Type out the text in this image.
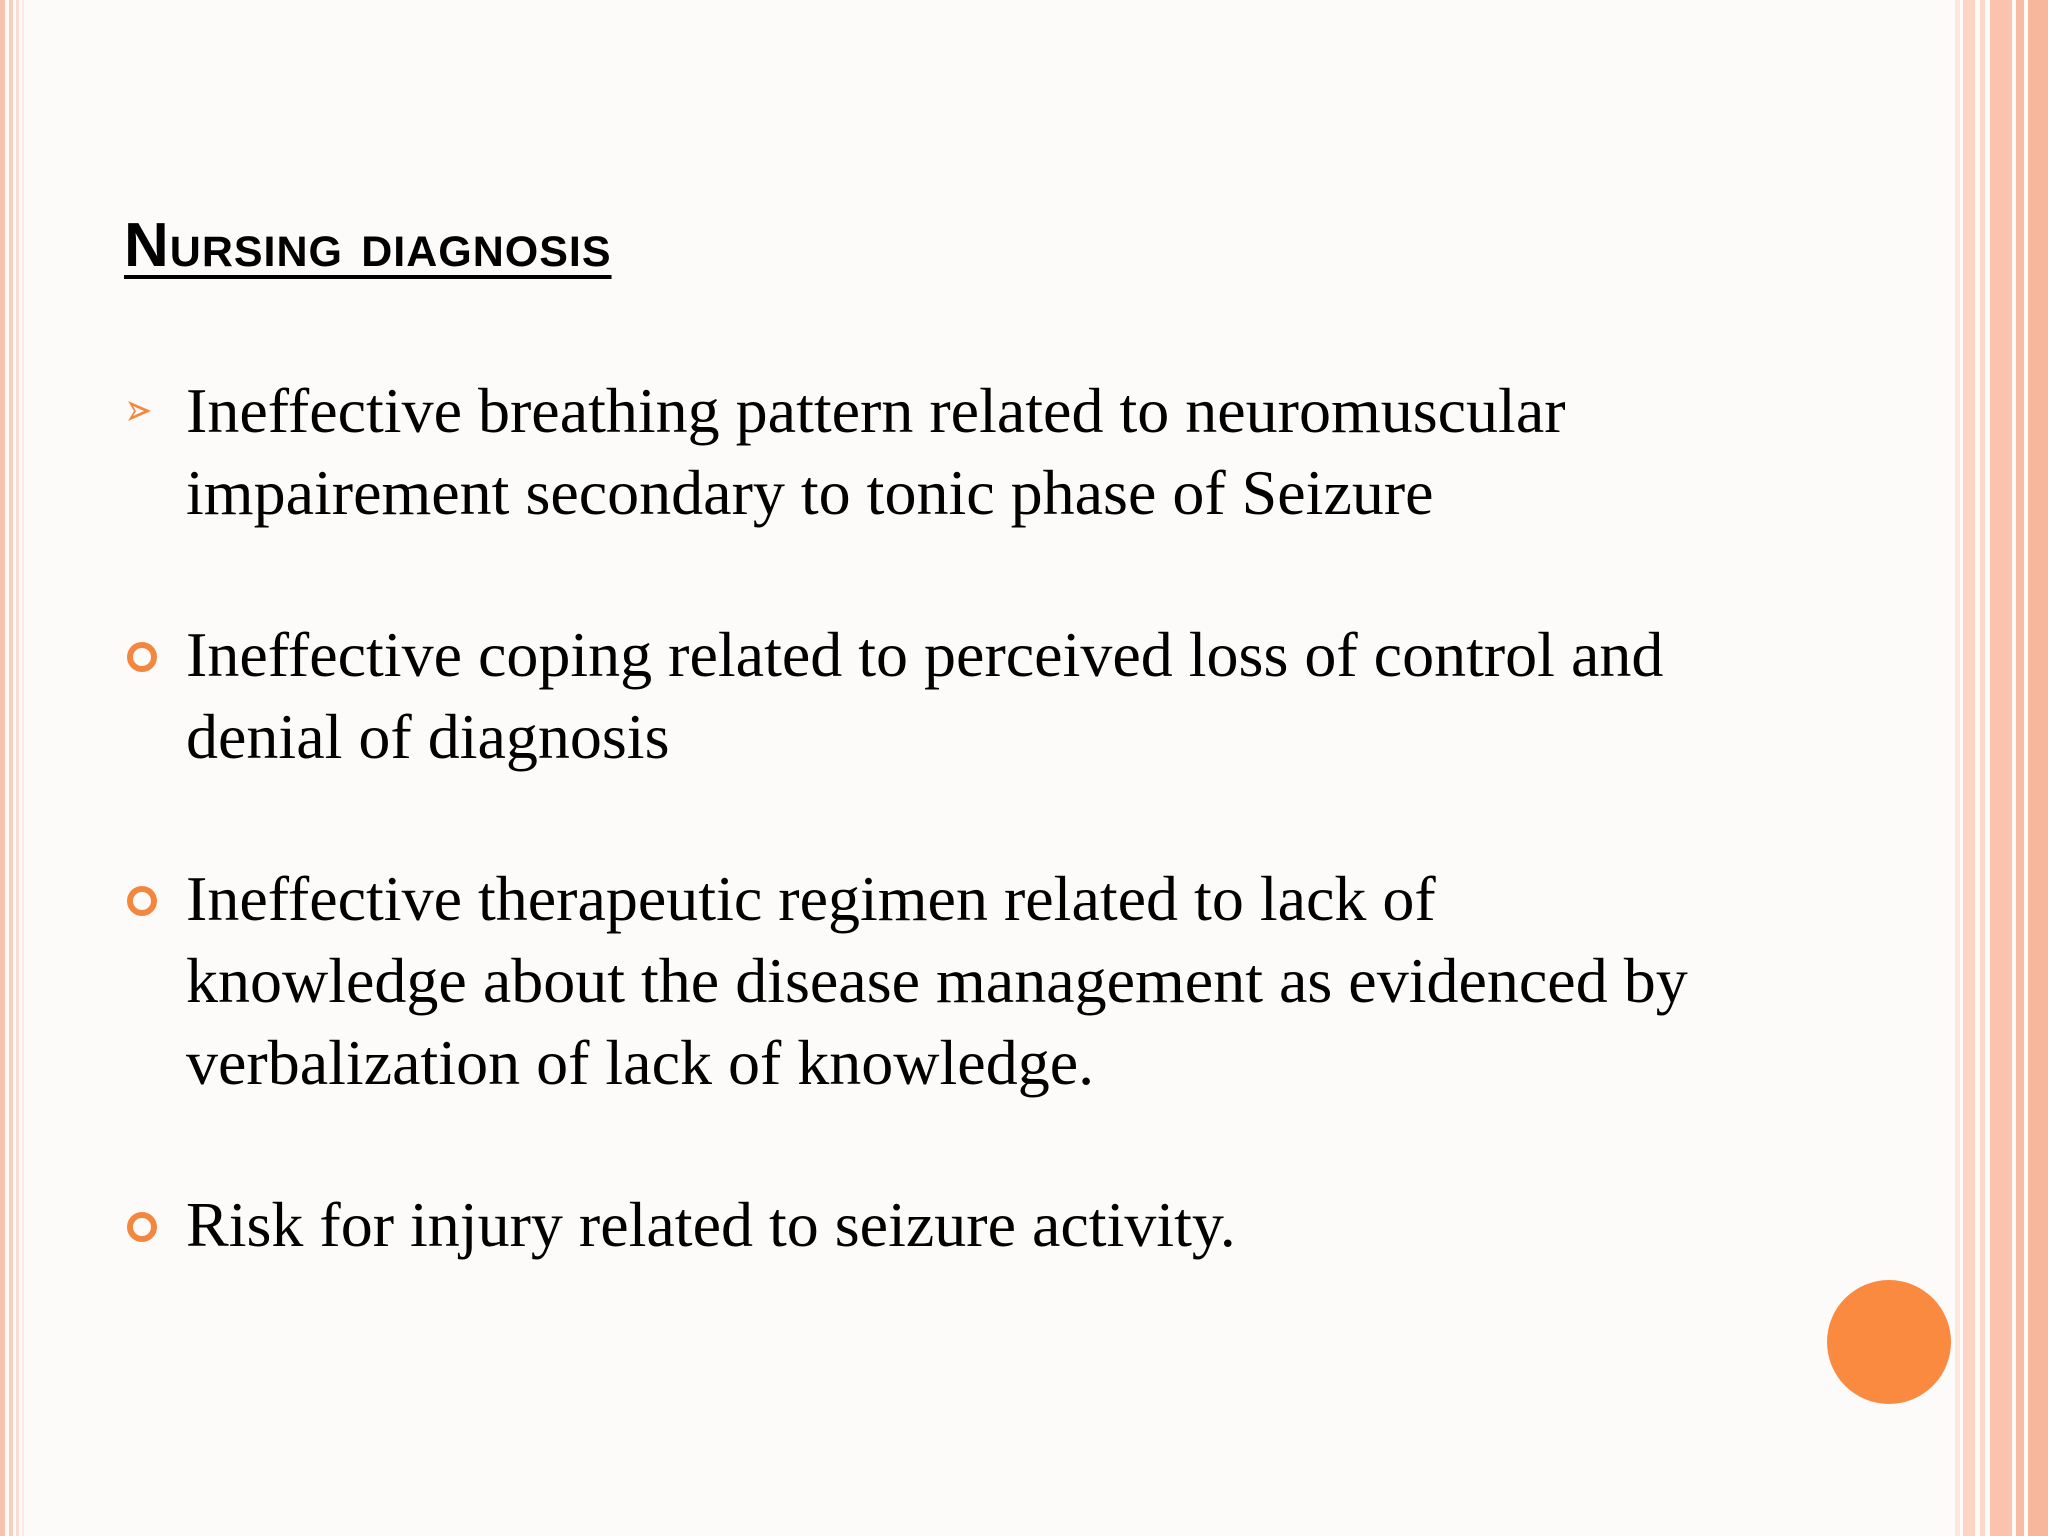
Nursing diagnosis
Ineffective breathing pattern related to neuromuscular impairement secondary to tonic phase of Seizure
Ineffective coping related to perceived loss of control and denial of diagnosis
Ineffective therapeutic regimen related to lack of knowledge about the disease management as evidenced by verbalization of lack of knowledge.
Risk for injury related to seizure activity.
